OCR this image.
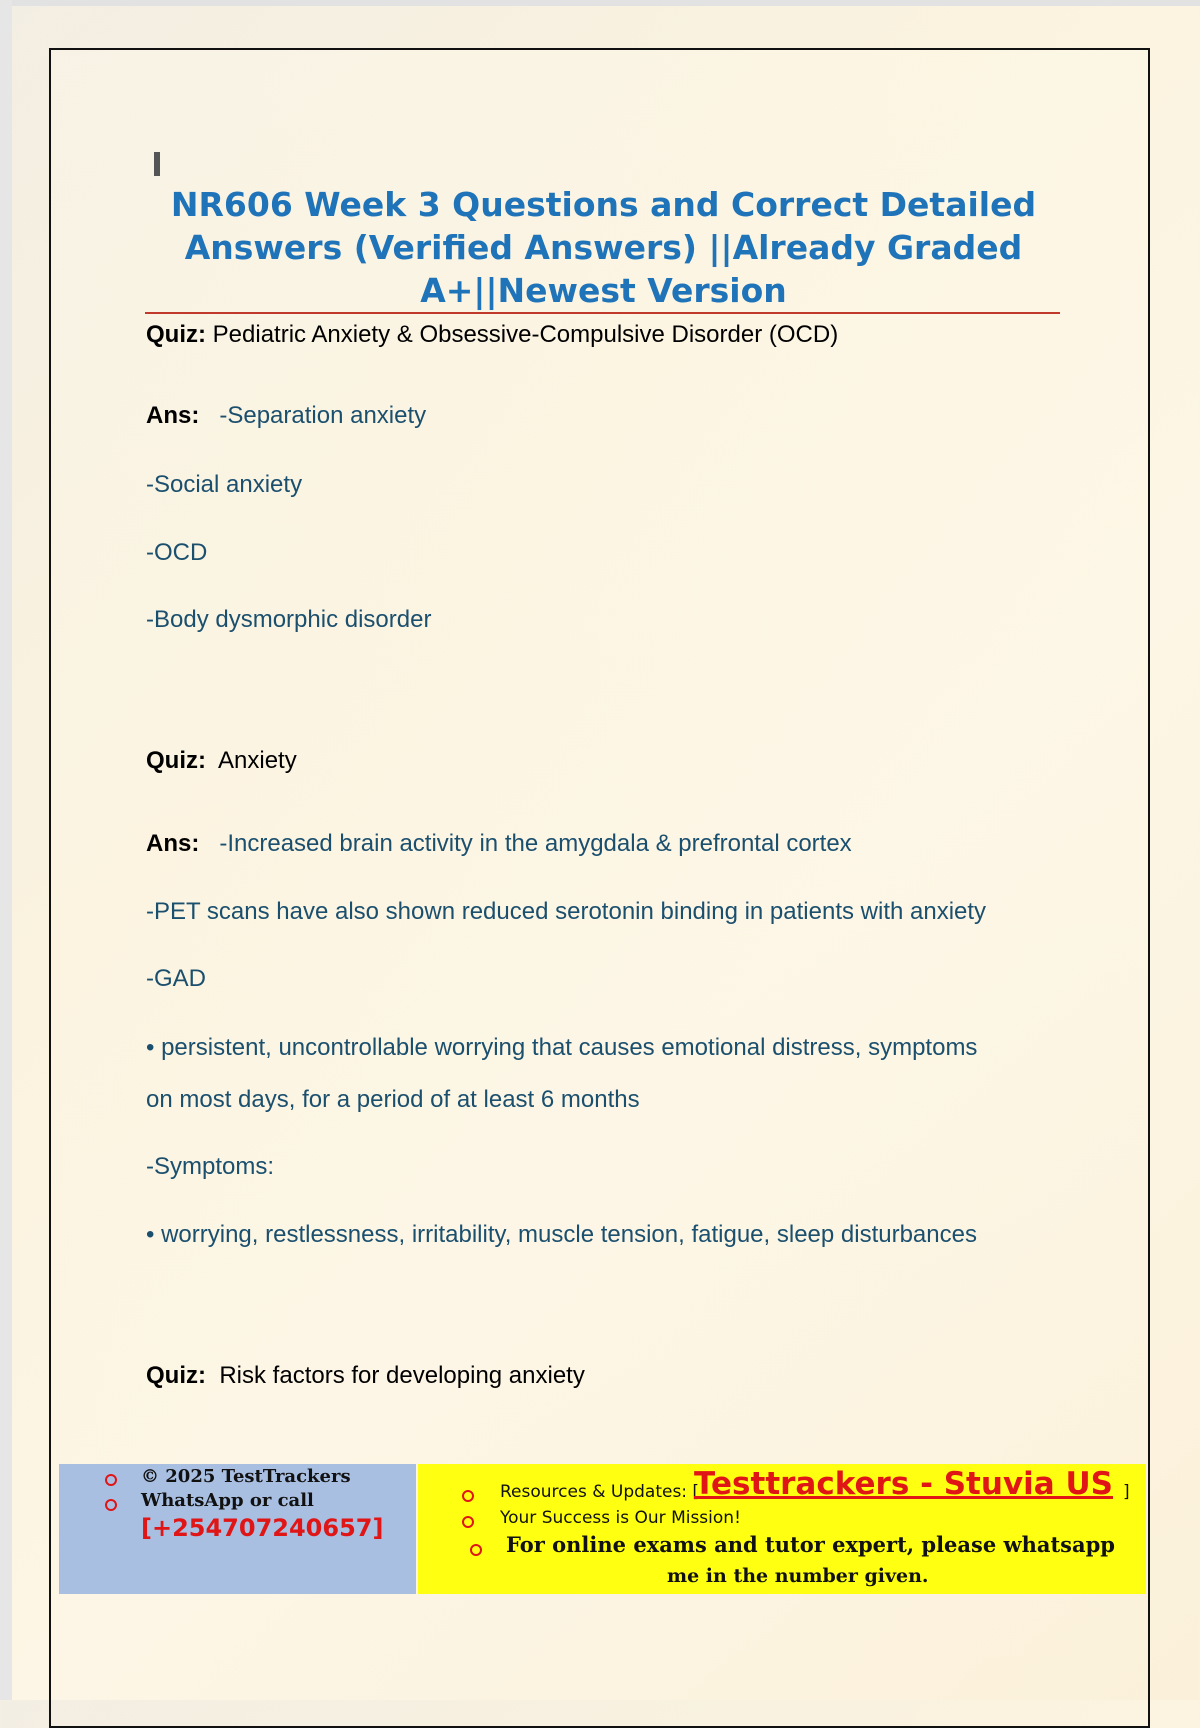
NR606 Week 3 Questions and Correct Detailed
Answers (Verified Answers) ||Already Graded
A+||Newest Version
Quiz: Pediatric Anxiety & Obsessive-Compulsive Disorder (OCD)
Ans: -Separation anxiety
-Social anxiety
-OCD
-Body dysmorphic disorder
Quiz: Anxiety
Ans: -Increased brain activity in the amygdala & prefrontal cortex
-PET scans have also shown reduced serotonin binding in patients with anxiety
-GAD
• persistent, uncontrollable worrying that causes emotional distress, symptoms
on most days, for a period of at least 6 months
-Symptoms:
• worrying, restlessness, irritability, muscle tension, fatigue, sleep disturbances
Quiz: Risk factors for developing anxiety
© 2025 TestTrackers
WhatsApp or call
[+254707240657]
Resources & Updates: [
Testtrackers - Stuvia US ]
Your Success is Our Mission!
For online exams and tutor expert, please whatsapp
me in the number given.
